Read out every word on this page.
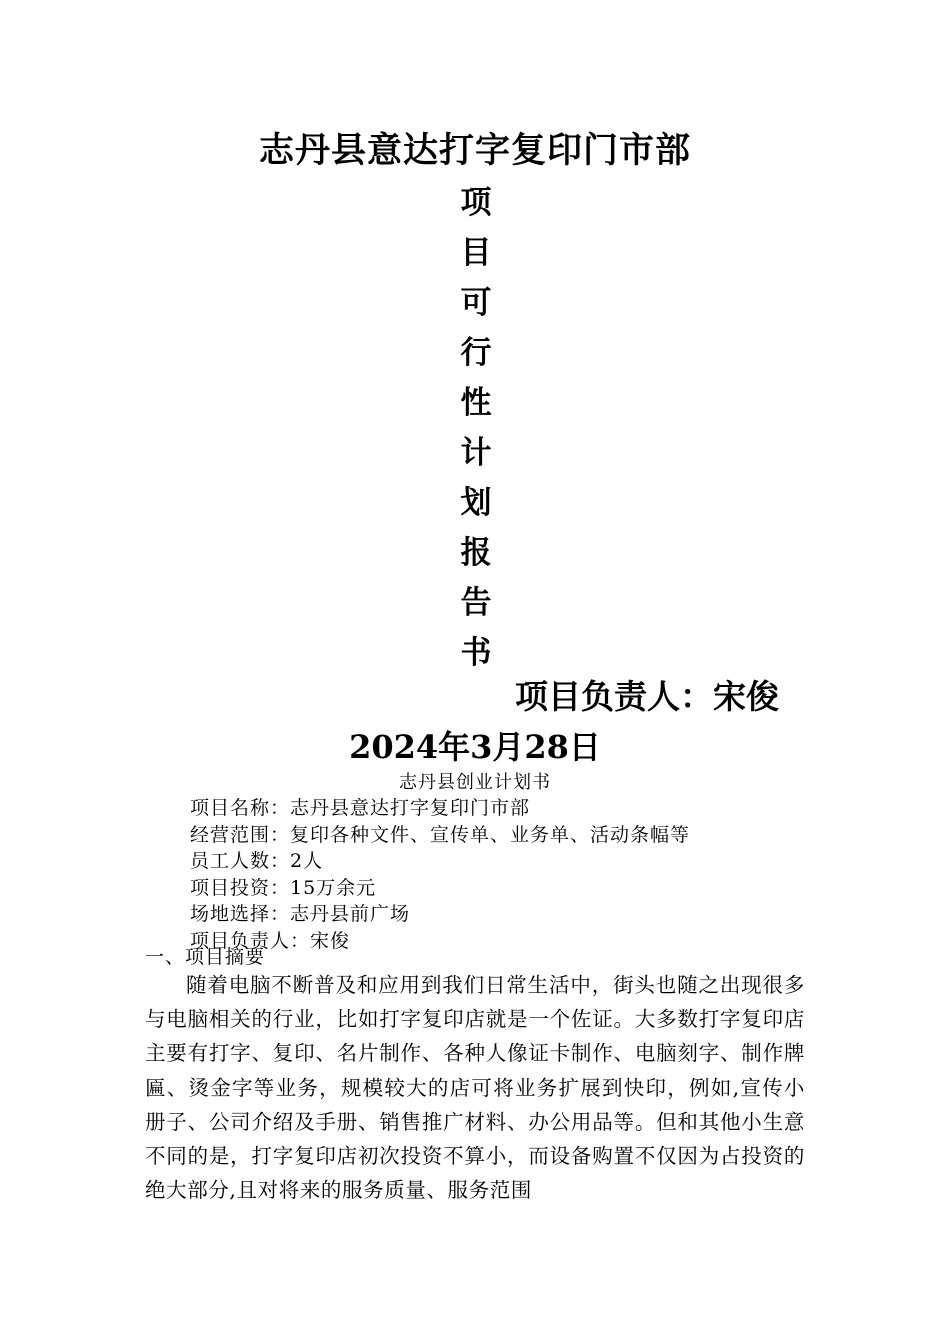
志丹县意达打字复印门市部
项目可行性计划报告书
项目负责人：宋俊
2024年3月28日
志丹县创业计划书
项目名称：志丹县意达打字复印门市部
经营范围：复印各种文件、宣传单、业务单、活动条幅等
员工人数：2人
项目投资：15万余元
场地选择：志丹县前广场
项目负责人：宋俊
一、项目摘要

随着电脑不断普及和应用到我们日常生活中，街头也随之出现很多与电脑相关的行业，比如打字复印店就是一个佐证。大多数打字复印店主要有打字、复印、名片制作、各种人像证卡制作、电脑刻字、制作牌匾、烫金字等业务，规模较大的店可将业务扩展到快印，例如,宣传小册子、公司介绍及手册、销售推广材料、办公用品等。但和其他小生意不同的是，打字复印店初次投资不算小，而设备购置不仅因为占投资的绝大部分,且对将来的服务质量、服务范围
